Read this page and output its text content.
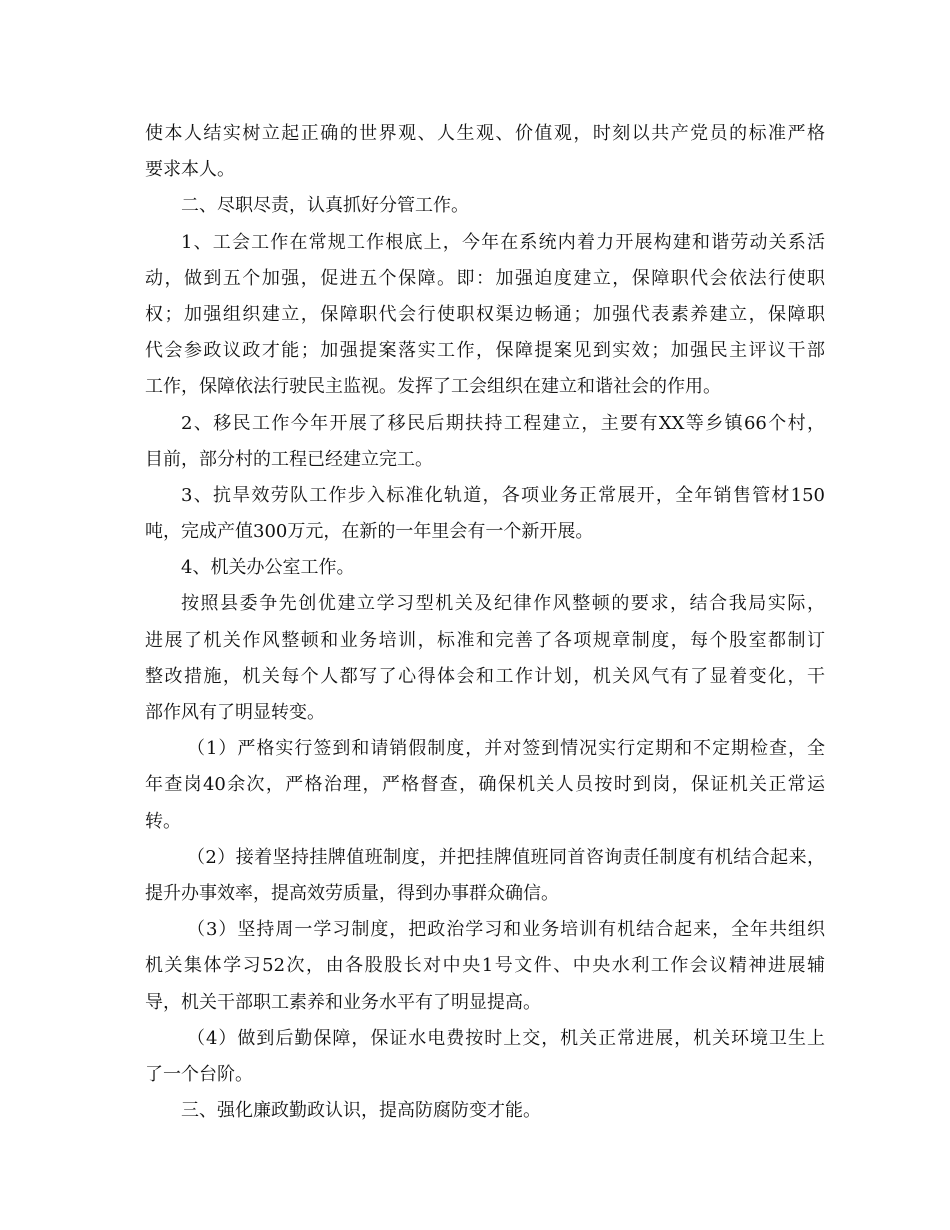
使本人结实树立起正确的世界观、人生观、价值观，时刻以共产党员的标准严格
要求本人。
二、尽职尽责，认真抓好分管工作。
1、工会工作在常规工作根底上，今年在系统内着力开展构建和谐劳动关系活
动，做到五个加强，促进五个保障。即：加强迫度建立，保障职代会依法行使职
权；加强组织建立，保障职代会行使职权渠边畅通；加强代表素养建立，保障职
代会参政议政才能；加强提案落实工作，保障提案见到实效；加强民主评议干部
工作，保障依法行驶民主监视。发挥了工会组织在建立和谐社会的作用。
2、移民工作今年开展了移民后期扶持工程建立，主要有XX等乡镇66个村，
目前，部分村的工程已经建立完工。
3、抗旱效劳队工作步入标准化轨道，各项业务正常展开，全年销售管材150
吨，完成产值300万元，在新的一年里会有一个新开展。
4、机关办公室工作。
按照县委争先创优建立学习型机关及纪律作风整顿的要求，结合我局实际，
进展了机关作风整顿和业务培训，标准和完善了各项规章制度，每个股室都制订
整改措施，机关每个人都写了心得体会和工作计划，机关风气有了显着变化，干
部作风有了明显转变。
（1）严格实行签到和请销假制度，并对签到情况实行定期和不定期检查，全
年查岗40余次，严格治理，严格督查，确保机关人员按时到岗，保证机关正常运
转。
（2）接着坚持挂牌值班制度，并把挂牌值班同首咨询责任制度有机结合起来，
提升办事效率，提高效劳质量，得到办事群众确信。
（3）坚持周一学习制度，把政治学习和业务培训有机结合起来，全年共组织
机关集体学习52次，由各股股长对中央1号文件、中央水利工作会议精神进展辅
导，机关干部职工素养和业务水平有了明显提高。
（4）做到后勤保障，保证水电费按时上交，机关正常进展，机关环境卫生上
了一个台阶。
三、强化廉政勤政认识，提高防腐防变才能。
